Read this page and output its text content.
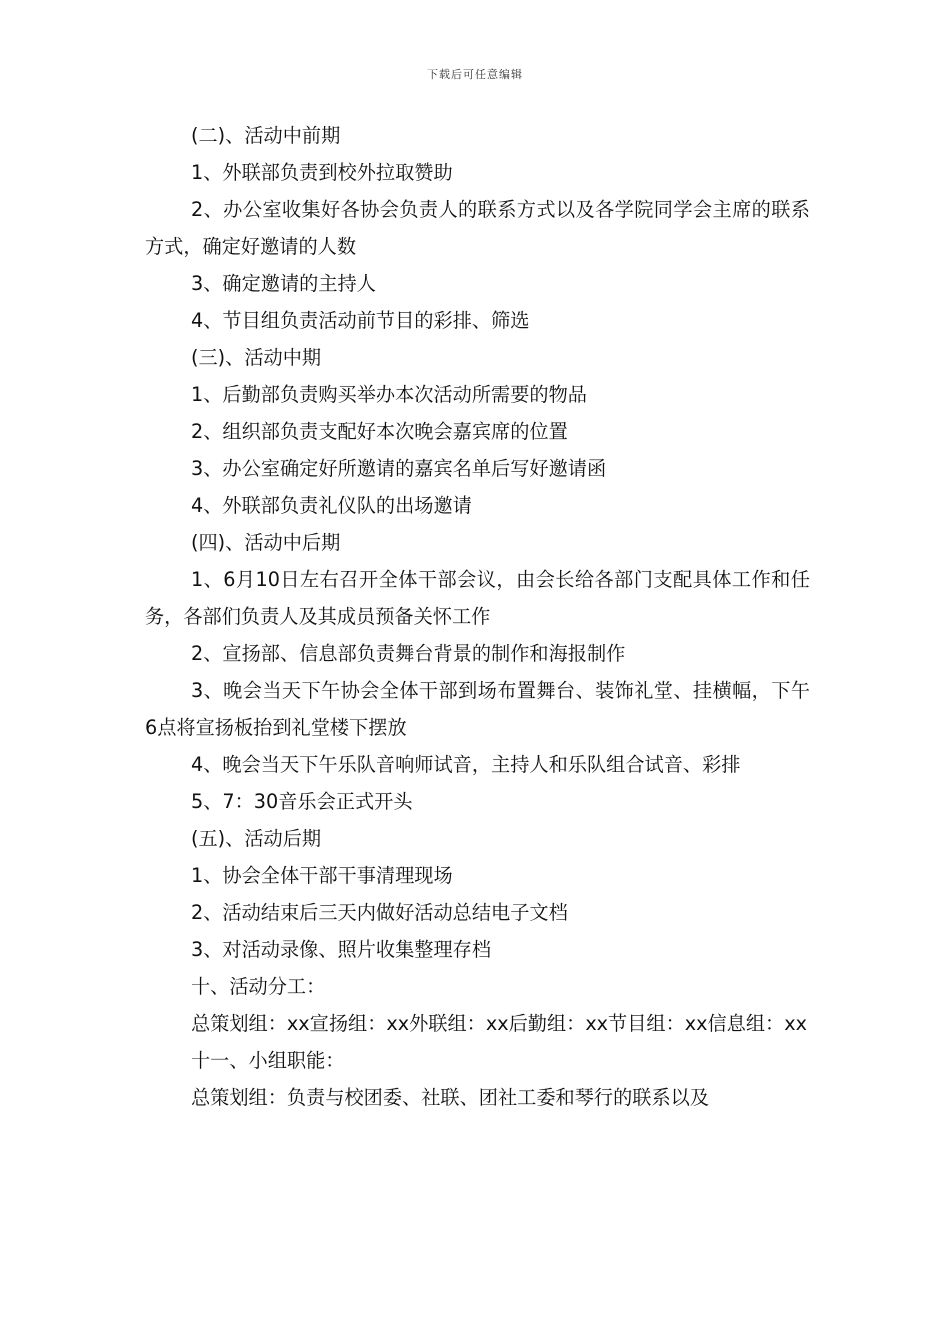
下载后可任意编辑

(二)、活动中前期

1、外联部负责到校外拉取赞助

2、办公室收集好各协会负责人的联系方式以及各学院同学会主席的联系方式，确定好邀请的人数

3、确定邀请的主持人

4、节目组负责活动前节目的彩排、筛选

(三)、活动中期

1、后勤部负责购买举办本次活动所需要的物品

2、组织部负责支配好本次晚会嘉宾席的位置

3、办公室确定好所邀请的嘉宾名单后写好邀请函

4、外联部负责礼仪队的出场邀请

(四)、活动中后期

1、6月10日左右召开全体干部会议，由会长给各部门支配具体工作和任务，各部们负责人及其成员预备关怀工作

2、宣扬部、信息部负责舞台背景的制作和海报制作

3、晚会当天下午协会全体干部到场布置舞台、装饰礼堂、挂横幅，下午6点将宣扬板抬到礼堂楼下摆放

4、晚会当天下午乐队音响师试音，主持人和乐队组合试音、彩排

5、7：30音乐会正式开头

(五)、活动后期

1、协会全体干部干事清理现场

2、活动结束后三天内做好活动总结电子文档

3、对活动录像、照片收集整理存档

十、活动分工：

总策划组：xx宣扬组：xx外联组：xx后勤组：xx节目组：xx信息组：xx

十一、小组职能：

总策划组：负责与校团委、社联、团社工委和琴行的联系以及
